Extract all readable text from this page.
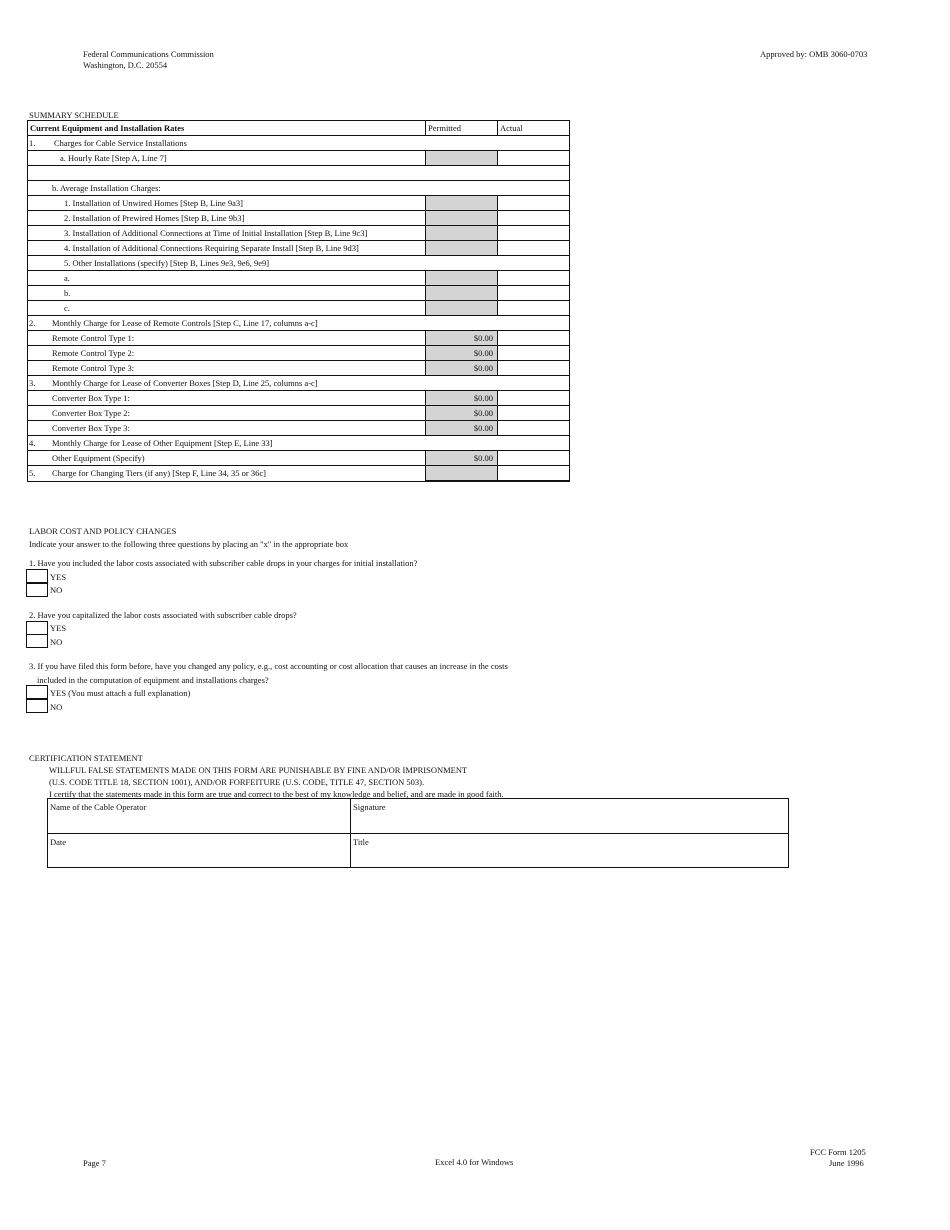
Federal Communications Commission
Washington, D.C. 20554
Approved by: OMB 3060-0703
SUMMARY SCHEDULE
Current Equipment and Installation Rates	Permitted	Actual
1. Charges for Cable Service Installations
a. Hourly Rate [Step A, Line 7]
b. Average Installation Charges:
1. Installation of Unwired Homes [Step B, Line 9a3]
2. Installation of Prewired Homes [Step B, Line 9b3]
3. Installation of Additional Connections at Time of Initial Installation [Step B, Line 9c3]
4. Installation of Additional Connections Requiring Separate Install [Step B, Line 9d3]
5. Other Installations (specify) [Step B, Lines 9e3, 9e6, 9e9]
a.
b.
c.
2. Monthly Charge for Lease of Remote Controls [Step C, Line 17, columns a-c]
Remote Control Type 1:	$0.00
Remote Control Type 2:	$0.00
Remote Control Type 3:	$0.00
3. Monthly Charge for Lease of Converter Boxes [Step D, Line 25, columns a-c]
Converter Box Type 1:	$0.00
Converter Box Type 2:	$0.00
Converter Box Type 3:	$0.00
4. Monthly Charge for Lease of Other Equipment [Step E, Line 33]
Other Equipment (Specify)	$0.00
5. Charge for Changing Tiers (if any) [Step F, Line 34, 35 or 36c]
LABOR COST AND POLICY CHANGES
Indicate your answer to the following three questions by placing an "x" in the appropriate box
1. Have you included the labor costs associated with subscriber cable drops in your charges for initial installation?
YES
NO
2. Have you capitalized the labor costs associated with subscriber cable drops?
YES
NO
3. If you have filed this form before, have you changed any policy, e.g., cost accounting or cost allocation that causes an increase in the costs
included in the computation of equipment and installations charges?
YES (You must attach a full explanation)
NO
CERTIFICATION STATEMENT
WILLFUL FALSE STATEMENTS MADE ON THIS FORM ARE PUNISHABLE BY FINE AND/OR IMPRISONMENT
(U.S. CODE TITLE 18, SECTION 1001), AND/OR FORFEITURE (U.S. CODE, TITLE 47, SECTION 503).
I certify that the statements made in this form are true and correct to the best of my knowledge and belief, and are made in good faith.
Name of the Cable Operator	Signature
Date	Title
Page 7	Excel 4.0 for Windows
FCC Form 1205
June 1996
